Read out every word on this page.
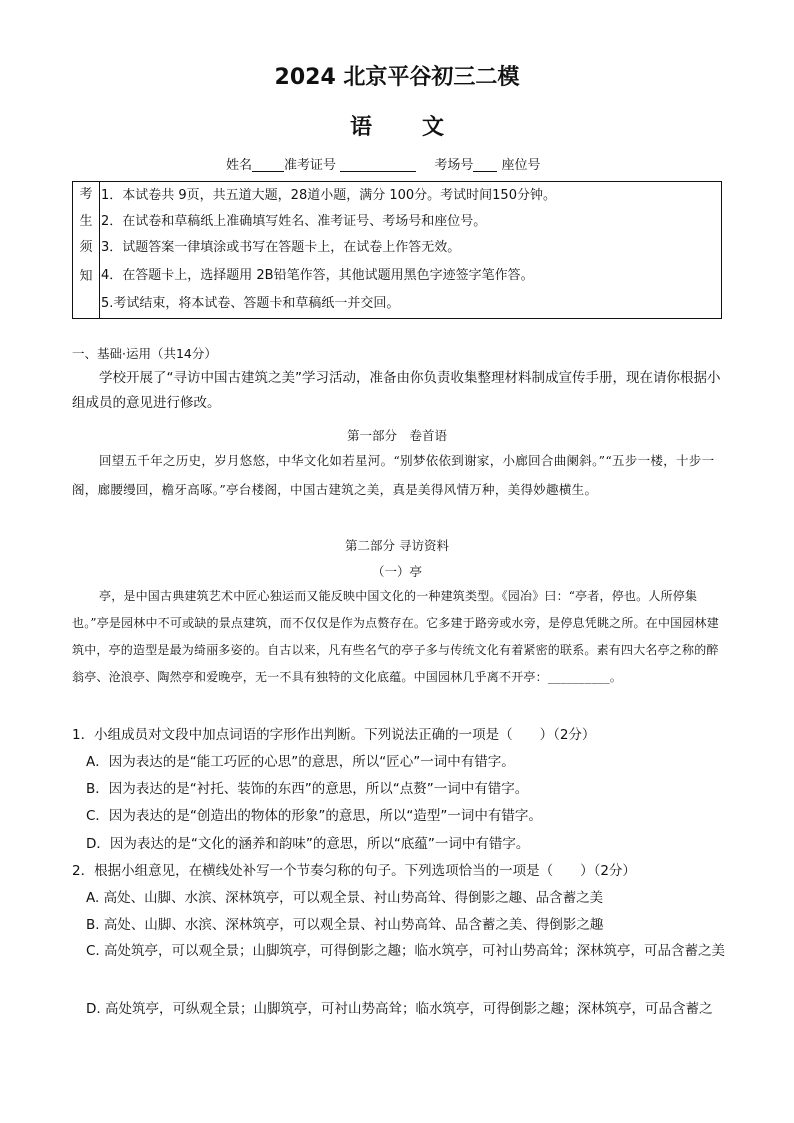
2024 北京平谷初三二模
语 文
姓名 准考证号	考场号 座位号
考
生
须
知
1．本试卷共 9页，共五道大题，28道小题，满分 100分。考试时间150分钟。
2．在试卷和草稿纸上准确填写姓名、准考证号、考场号和座位号。
3．试题答案一律填涂或书写在答题卡上，在试卷上作答无效。
4．在答题卡上，选择题用 2B铅笔作答，其他试题用黑色字迹签字笔作答。
5.考试结束，将本试卷、答题卡和草稿纸一并交回。
一、基础·运用（共14分）
学校开展了“寻访中国古建筑之美”学习活动，准备由你负责收集整理材料制成宣传手册，现在请你根据小组成员的意见进行修改。
第一部分　卷首语
回望五千年之历史，岁月悠悠，中华文化如若星河。“别梦依依到谢家，小廊回合曲阑斜。”“五步一楼，十步一阁，廊腰缦回，檐牙高啄。”亭台楼阁，中国古建筑之美，真是美得风情万种，美得妙趣横生。
第二部分 寻访资料
（一）亭
亭，是中国古典建筑艺术中匠心独运而又能反映中国文化的一种建筑类型。《园冶》曰：“亭者，停也。人所停集也。”亭是园林中不可或缺的景点建筑，而不仅仅是作为点赘存在。它多建于路旁或水旁，是停息凭眺之所。在中国园林建筑中，亭的造型是最为绮丽多姿的。自古以来，凡有些名气的亭子多与传统文化有着紧密的联系。素有四大名亭之称的醉翁亭、沧浪亭、陶然亭和爱晚亭，无一不具有独特的文化底蕴。中国园林几乎离不开亭：__________。
1．小组成员对文段中加点词语的字形作出判断。下列说法正确的一项是（　　）（2分）
A．因为表达的是“能工巧匠的心思”的意思，所以“匠心”一词中有错字。
B．因为表达的是“衬托、装饰的东西”的意思，所以“点赘”一词中有错字。
C．因为表达的是“创造出的物体的形象”的意思，所以“造型”一词中有错字。
D．因为表达的是“文化的涵养和韵味”的意思，所以“底蕴”一词中有错字。
2．根据小组意见，在横线处补写一个节奏匀称的句子。下列选项恰当的一项是（　　）（2分）
A. 高处、山脚、水滨、深林筑亭，可以观全景、衬山势高耸、得倒影之趣、品含蓄之美
B. 高处、山脚、水滨、深林筑亭，可以观全景、衬山势高耸、品含蓄之美、得倒影之趣
C. 高处筑亭，可以观全景；山脚筑亭，可得倒影之趣；临水筑亭，可衬山势高耸；深林筑亭，可品含蓄之美
D. 高处筑亭，可纵观全景；山脚筑亭，可衬山势高耸；临水筑亭，可得倒影之趣；深林筑亭，可品含蓄之
